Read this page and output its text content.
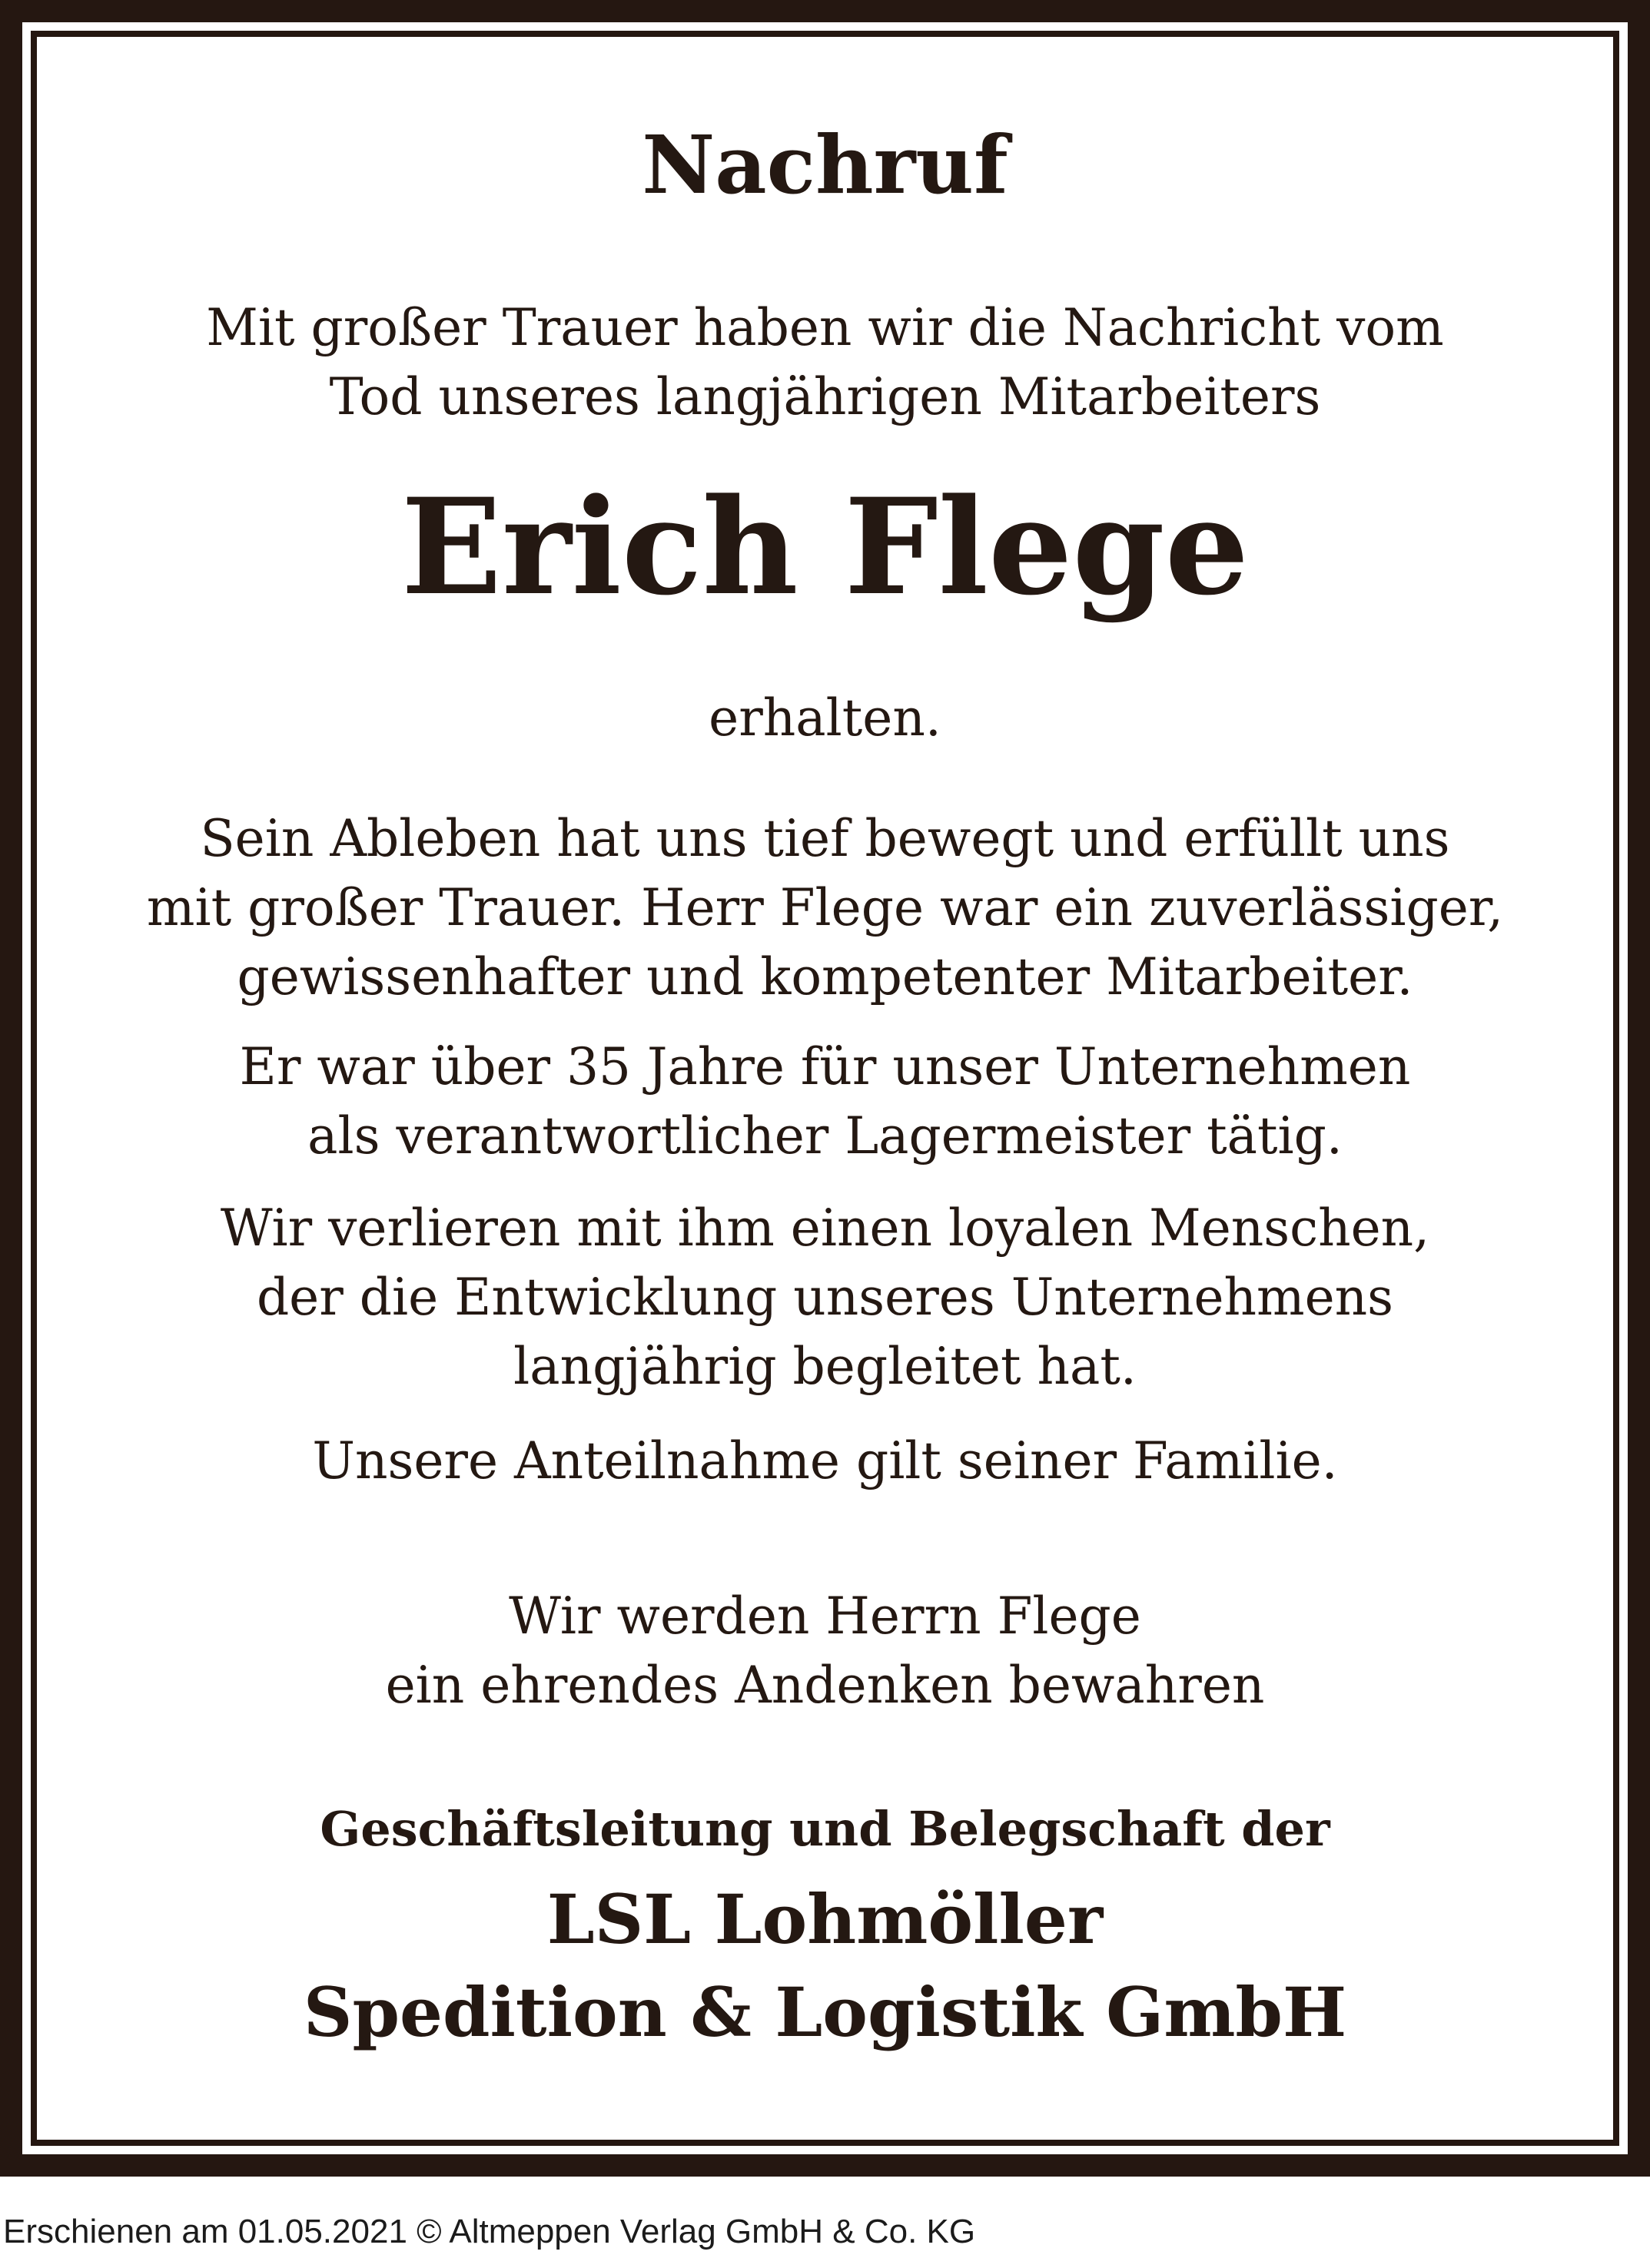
Nachruf
Mit großer Trauer haben wir die Nachricht vom
Tod unseres langjährigen Mitarbeiters
Erich Flege
erhalten.
Sein Ableben hat uns tief bewegt und erfüllt uns
mit großer Trauer. Herr Flege war ein zuverlässiger,
gewissenhafter und kompetenter Mitarbeiter.
Er war über 35 Jahre für unser Unternehmen
als verantwortlicher Lagermeister tätig.
Wir verlieren mit ihm einen loyalen Menschen,
der die Entwicklung unseres Unternehmens
langjährig begleitet hat.
Unsere Anteilnahme gilt seiner Familie.
Wir werden Herrn Flege
ein ehrendes Andenken bewahren
Geschäftsleitung und Belegschaft der
LSL Lohmöller
Spedition & Logistik GmbH
Erschienen am 01.05.2021 © Altmeppen Verlag GmbH & Co. KG
